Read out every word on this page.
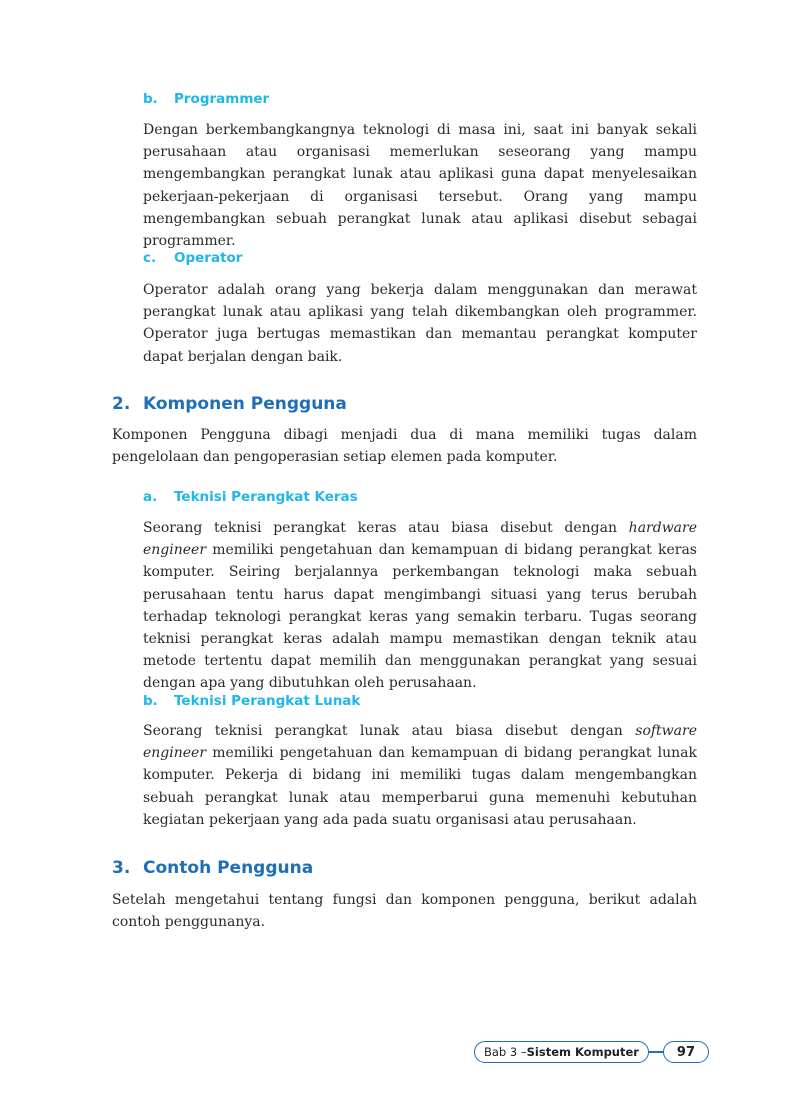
b.	Programmer

Dengan berkembangkangnya teknologi di masa ini, saat ini banyak sekali perusahaan atau organisasi memerlukan seseorang yang mampu mengembangkan perangkat lunak atau aplikasi guna dapat menyelesaikan pekerjaan-pekerjaan di organisasi tersebut. Orang yang mampu mengembangkan sebuah perangkat lunak atau aplikasi disebut sebagai programmer.

c.	Operator

Operator adalah orang yang bekerja dalam menggunakan dan merawat perangkat lunak atau aplikasi yang telah dikembangkan oleh programmer. Operator juga bertugas memastikan dan memantau perangkat komputer dapat berjalan dengan baik.

2. Komponen Pengguna

Komponen Pengguna dibagi menjadi dua di mana memiliki tugas dalam pengelolaan dan pengoperasian setiap elemen pada komputer.

a.	Teknisi Perangkat Keras

Seorang teknisi perangkat keras atau biasa disebut dengan hardware engineer memiliki pengetahuan dan kemampuan di bidang perangkat keras komputer. Seiring berjalannya perkembangan teknologi maka sebuah perusahaan tentu harus dapat mengimbangi situasi yang terus berubah terhadap teknologi perangkat keras yang semakin terbaru. Tugas seorang teknisi perangkat keras adalah mampu memastikan dengan teknik atau metode tertentu dapat memilih dan menggunakan perangkat yang sesuai dengan apa yang dibutuhkan oleh perusahaan.

b.	Teknisi Perangkat Lunak

Seorang teknisi perangkat lunak atau biasa disebut dengan software engineer memiliki pengetahuan dan kemampuan di bidang perangkat lunak komputer. Pekerja di bidang ini memiliki tugas dalam mengembangkan sebuah perangkat lunak atau memperbarui guna memenuhi kebutuhan kegiatan pekerjaan yang ada pada suatu organisasi atau perusahaan.

3. Contoh Pengguna

Setelah mengetahui tentang fungsi dan komponen pengguna, berikut adalah contoh penggunanya.

Bab 3 – Sistem Komputer	97
